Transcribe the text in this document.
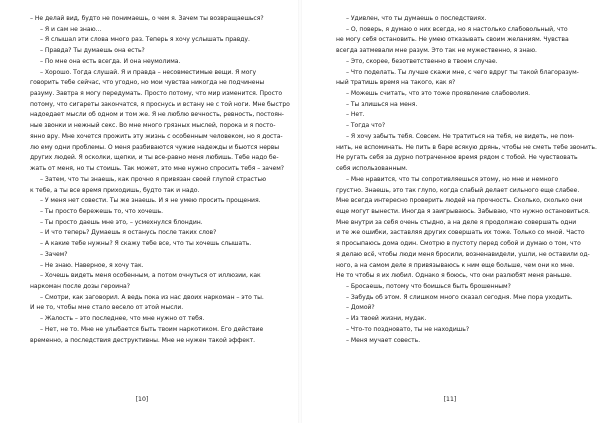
– Не делай вид, будто не понимаешь, о чем я. Зачем ты возвращаешься?
– Я и сам не знаю…
– Я слышал эти слова много раз. Теперь я хочу услышать правду.
– Правда? Ты думаешь она есть?
– По мне она есть всегда. И она неумолима.
– Хорошо. Тогда слушай. Я и правда – несовместимые вещи. Я могу
говорить тебе сейчас, что угодно, но мои чувства никогда не подчинены
разуму. Завтра я могу передумать. Просто потому, что мир изменится. Просто
потому, что сигареты закончатся, я проснусь и встану не с той ноги. Мне быстро
надоедает мысли об одном и том же. Я не люблю вечность, ревность, постоян-
ные звонки и нежный секс. Во мне много грязных мыслей, порока и я посто-
янно вру. Мне хочется прожить эту жизнь с особенным человеком, но я доста-
лю ему одни проблемы. О меня разбиваются чужие надежды и бьются нервы
других людей. Я осколки, щепки, и ты все-равно меня любишь. Тебе надо бе-
жать от меня, но ты стоишь. Так может, это мне нужно спросить тебя – зачем?
– Затем, что ты знаешь, как прочно я привязан своей глупой страстью
к тебе, а ты все время приходишь, будто так и надо.
– У меня нет совести. Ты же знаешь. И я не умею просить прощения.
– Ты просто бережешь то, что хочешь.
– Ты просто даешь мне это, – усмехнулся блондин.
– И что теперь? Думаешь я останусь после таких слов?
– А какие тебе нужны? Я скажу тебе все, что ты хочешь слышать.
– Зачем?
– Не знаю. Наверное, я хочу так.
– Хочешь видеть меня особенным, а потом очнуться от иллюзии, как
наркоман после дозы героина?
– Смотри, как заговорил. А ведь пока из нас двоих наркоман – это ты.
И не то, чтобы мне стало весело от этой мысли.
– Жалость – это последнее, что мне нужно от тебя.
– Нет, не то. Мне не улыбается быть твоим наркотиком. Его действие
временно, а последствия деструктивны. Мне не нужен такой эффект.
[10]
– Удивлен, что ты думаешь о последствиях.
– О, поверь, я думаю о них всегда, но я настолько слабовольный, что
не могу себя остановить. Не умею отказывать своим желаниям. Чувства
всегда затмевали мне разум. Это так не мужественно, я знаю.
– Это, скорее, безответственно в твоем случае.
– Что поделать. Ты лучше скажи мне, с чего вдруг ты такой благоразум-
ный тратишь время на такого, как я?
– Можешь считать, что это тоже проявление слабоволия.
– Ты злишься на меня.
– Нет.
– Тогда что?
– Я хочу забыть тебя. Совсем. Не тратиться на тебя, не видеть, не пом-
нить, не вспоминать. Не пить в баре всякую дрянь, чтобы не сметь тебе звонить.
Не ругать себя за дурно потраченное время рядом с тобой. Не чувствовать
себя использованным.
– Мне нравится, что ты сопротивляешься этому, но мне и немного
грустно. Знаешь, это так глупо, когда слабый делает сильного еще слабее.
Мне всегда интересно проверить людей на прочность. Сколько, сколько они
еще могут вынести. Иногда я заигрываюсь. Забываю, что нужно остановиться.
Мне внутри за себя очень стыдно, а на деле я продолжаю совершать одни
и те же ошибки, заставляя других совершать их тоже. Только со мной. Часто
я просыпаюсь дома один. Смотрю в пустоту перед собой и думаю о том, что
я делаю всё, чтобы люди меня бросили, возненавидели, ушли, не оставили од-
ного, а на самом деле я привязываюсь к ним еще больше, чем они ко мне.
Не то чтобы я их любил. Однако я боюсь, что они разлюбят меня раньше.
– Бросаешь, потому что боишься быть брошенным?
– Забудь об этом. Я слишком много сказал сегодня. Мне пора уходить.
– Домой?
– Из твоей жизни, мудак.
– Что-то поздновато, ты не находишь?
– Меня мучает совесть.
[11]
